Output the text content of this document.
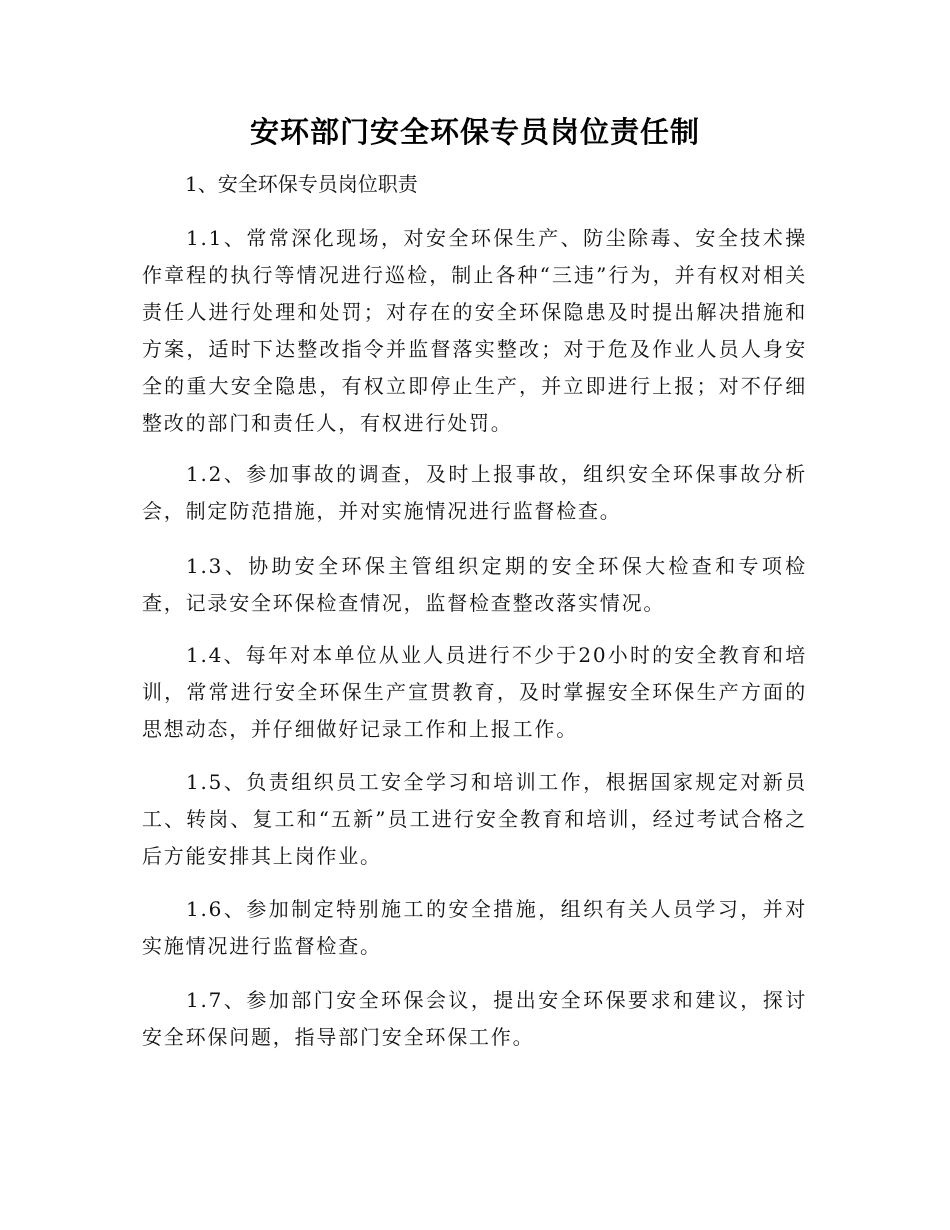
安环部门安全环保专员岗位责任制
1、安全环保专员岗位职责

1.1、常常深化现场，对安全环保生产、防尘除毒、安全技术操作章程的执行等情况进行巡检，制止各种“三违”行为，并有权对相关责任人进行处理和处罚；对存在的安全环保隐患及时提出解决措施和方案，适时下达整改指令并监督落实整改；对于危及作业人员人身安全的重大安全隐患，有权立即停止生产，并立即进行上报；对不仔细整改的部门和责任人，有权进行处罚。

1.2、参加事故的调查，及时上报事故，组织安全环保事故分析会，制定防范措施，并对实施情况进行监督检查。

1.3、协助安全环保主管组织定期的安全环保大检查和专项检查，记录安全环保检查情况，监督检查整改落实情况。

1.4、每年对本单位从业人员进行不少于20小时的安全教育和培训，常常进行安全环保生产宣贯教育，及时掌握安全环保生产方面的思想动态，并仔细做好记录工作和上报工作。

1.5、负责组织员工安全学习和培训工作，根据国家规定对新员工、转岗、复工和“五新”员工进行安全教育和培训，经过考试合格之后方能安排其上岗作业。

1.6、参加制定特别施工的安全措施，组织有关人员学习，并对实施情况进行监督检查。

1.7、参加部门安全环保会议，提出安全环保要求和建议，探讨安全环保问题，指导部门安全环保工作。
